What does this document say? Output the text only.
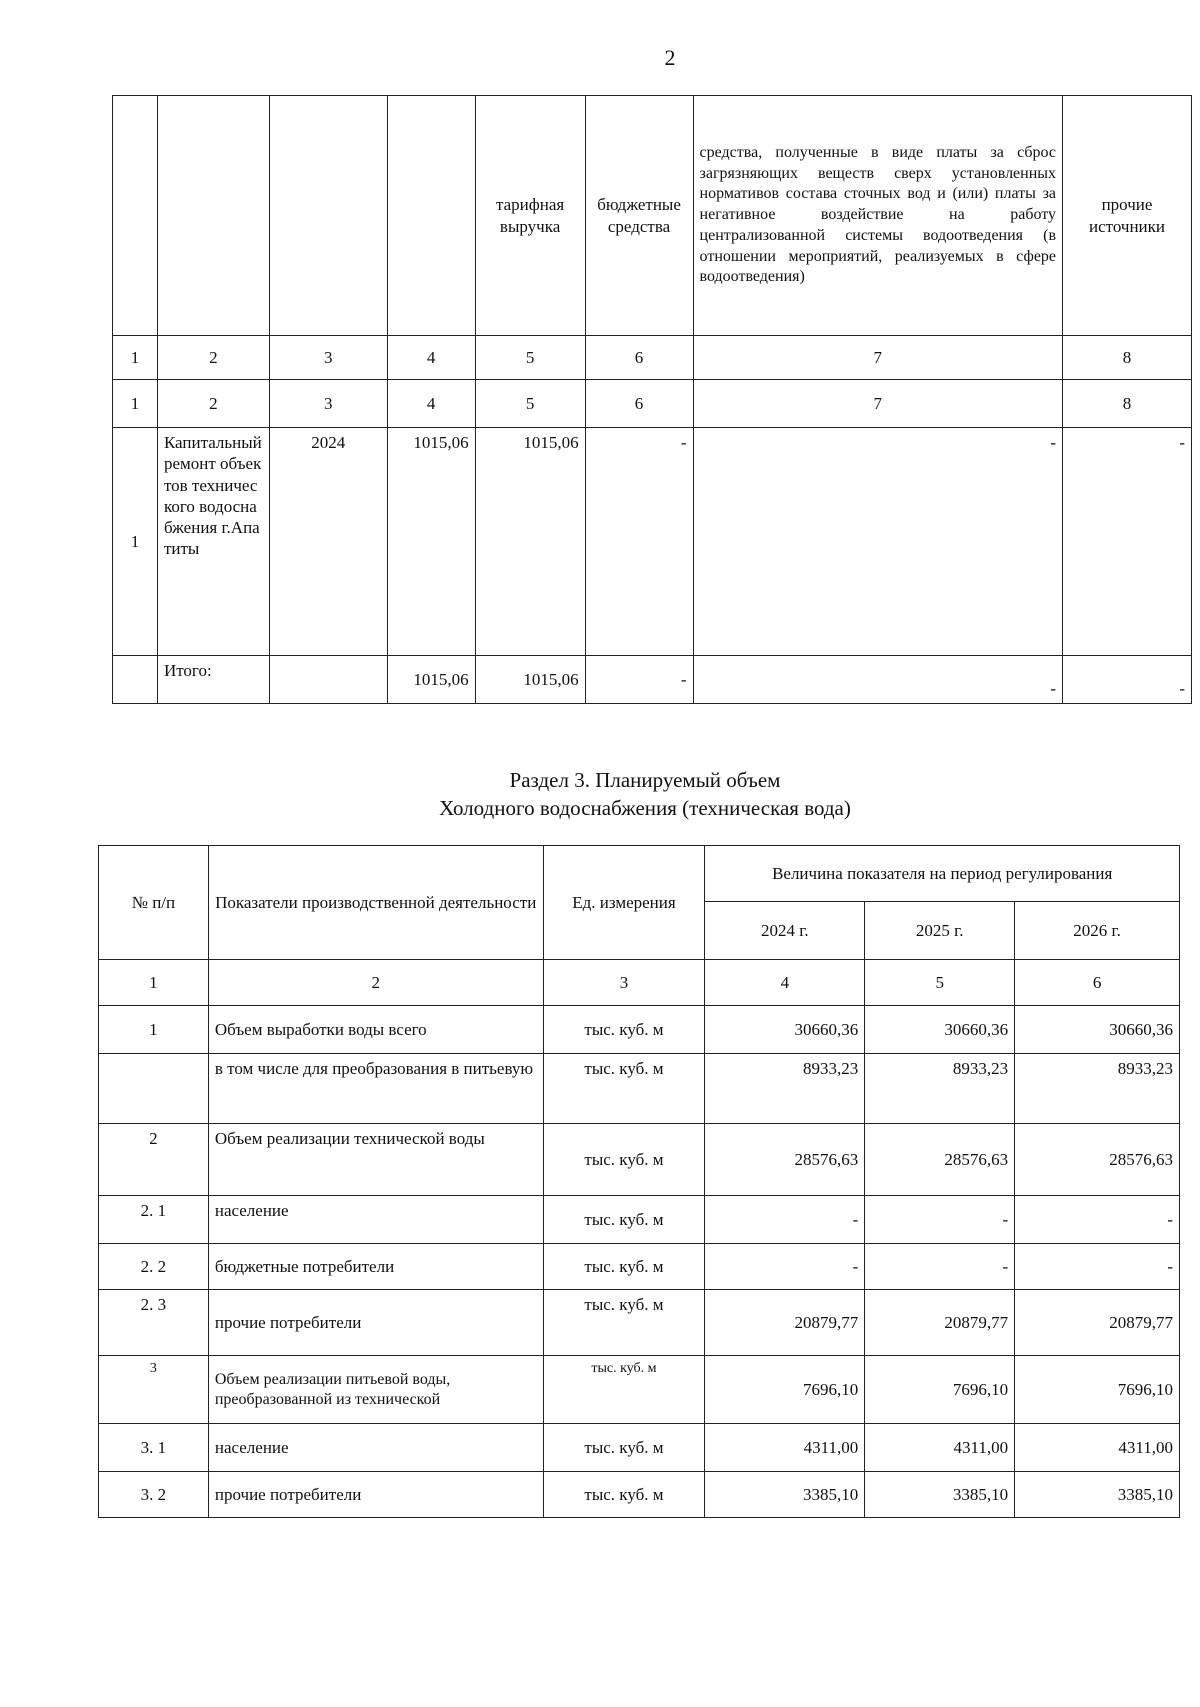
2
				тарифная выручка	бюджетные средства	средства, полученные в виде платы за сброс загрязняющих веществ сверх установленных нормативов состава сточных вод и (или) платы за негативное воздействие на работу централизованной системы водоотведения (в отношении мероприятий, реализуемых в сфере водоотведения)	прочие источники
1	2	3	4	5	6	7	8
1	2	3	4	5	6	7	8
1	Капитальный ремонт объектов технического водоснабжения г.Апатиты	2024	1015,06	1015,06	-	-	-
	Итого:		1015,06	1015,06	-	-	-
Раздел 3. Планируемый объем
Холодного водоснабжения (техническая вода)
№ п/п	Показатели производственной деятельности	Ед. измерения	Величина показателя на период регулирования		
			2024 г.	2025 г.	2026 г.
1	2	3	4	5	6
1	Объем выработки воды всего	тыс. куб. м	30660,36	30660,36	30660,36
	в том числе для преобразования в питьевую	тыс. куб. м	8933,23	8933,23	8933,23
2	Объем реализации технической воды	тыс. куб. м	28576,63	28576,63	28576,63
2. 1	население	тыс. куб. м	-	-	-
2. 2	бюджетные потребители	тыс. куб. м	-	-	-
2. 3	прочие потребители	тыс. куб. м	20879,77	20879,77	20879,77
3	Объем реализации питьевой воды, преобразованной из технической	тыс. куб. м	7696,10	7696,10	7696,10
3. 1	население	тыс. куб. м	4311,00	4311,00	4311,00
3. 2	прочие потребители	тыс. куб. м	3385,10	3385,10	3385,10
